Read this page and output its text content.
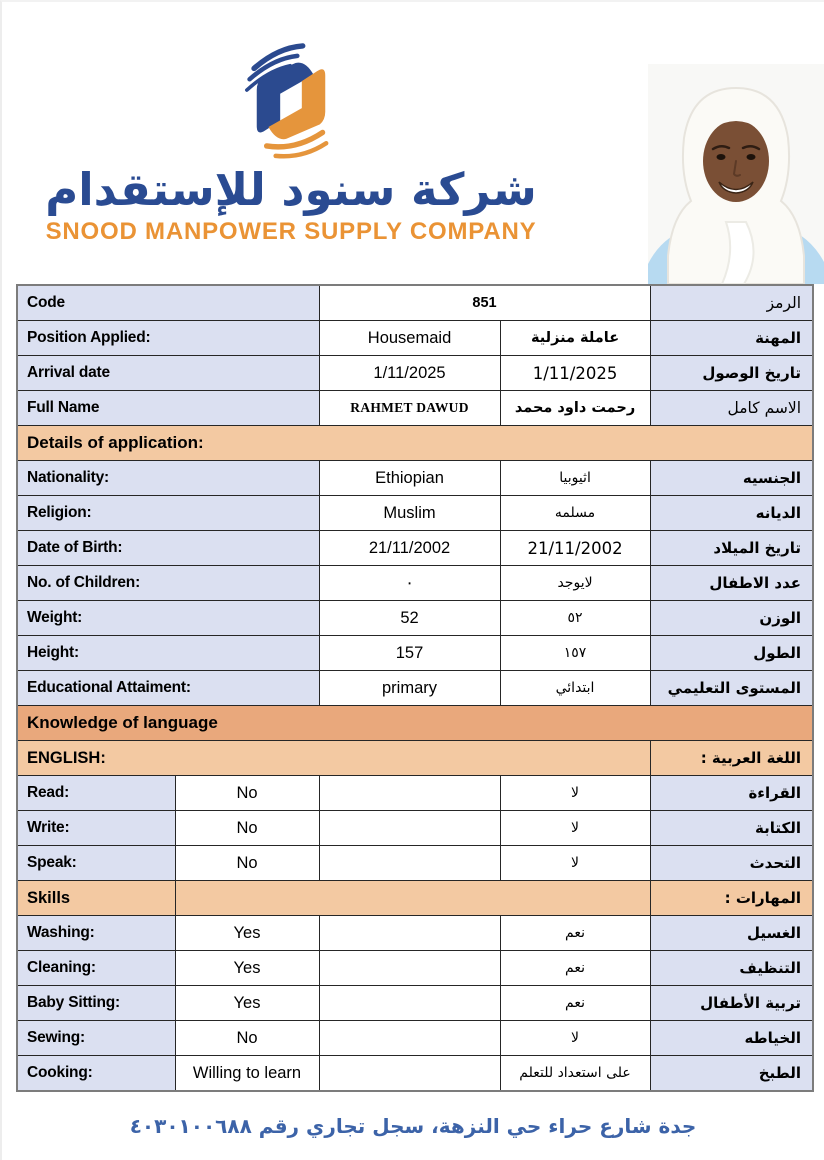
شركة سنود للإستقدام
SNOOD MANPOWER SUPPLY COMPANY
Code		851		الرمز
Position Applied:		Housemaid	عاملة منزلية	المهنة
Arrival date		1/11/2025	1/11/2025	تاريخ الوصول
Full Name		RAHMET DAWUD	رحمت داود محمد	الاسم كامل
Details of application:				
Nationality:		Ethiopian	اثيوبيا	الجنسيه
Religion:		Muslim	مسلمه	الديانه
Date of Birth:		21/11/2002	21/11/2002	تاريخ الميلاد
No. of Children:		٠	لايوجد	عدد الاطفال
Weight:		52	٥٢	الوزن
Height:		157	١٥٧	الطول
Educational Attaiment:		primary	ابتدائي	المستوى التعليمي
Knowledge of language				
ENGLISH:				اللغة العربية :
Read:	No		لا	القراءة
Write:	No		لا	الكتابة
Speak:	No		لا	التحدث
Skills				المهارات :
Washing:	Yes		نعم	الغسيل
Cleaning:	Yes		نعم	التنظيف
Baby Sitting:	Yes		نعم	تربية الأطفال
Sewing:	No		لا	الخياطه
Cooking:	Willing to learn		على استعداد للتعلم	الطبخ
جدة شارع حراء حي النزهة، سجل تجاري رقم ٤٠٣٠١٠٠٦٨٨
